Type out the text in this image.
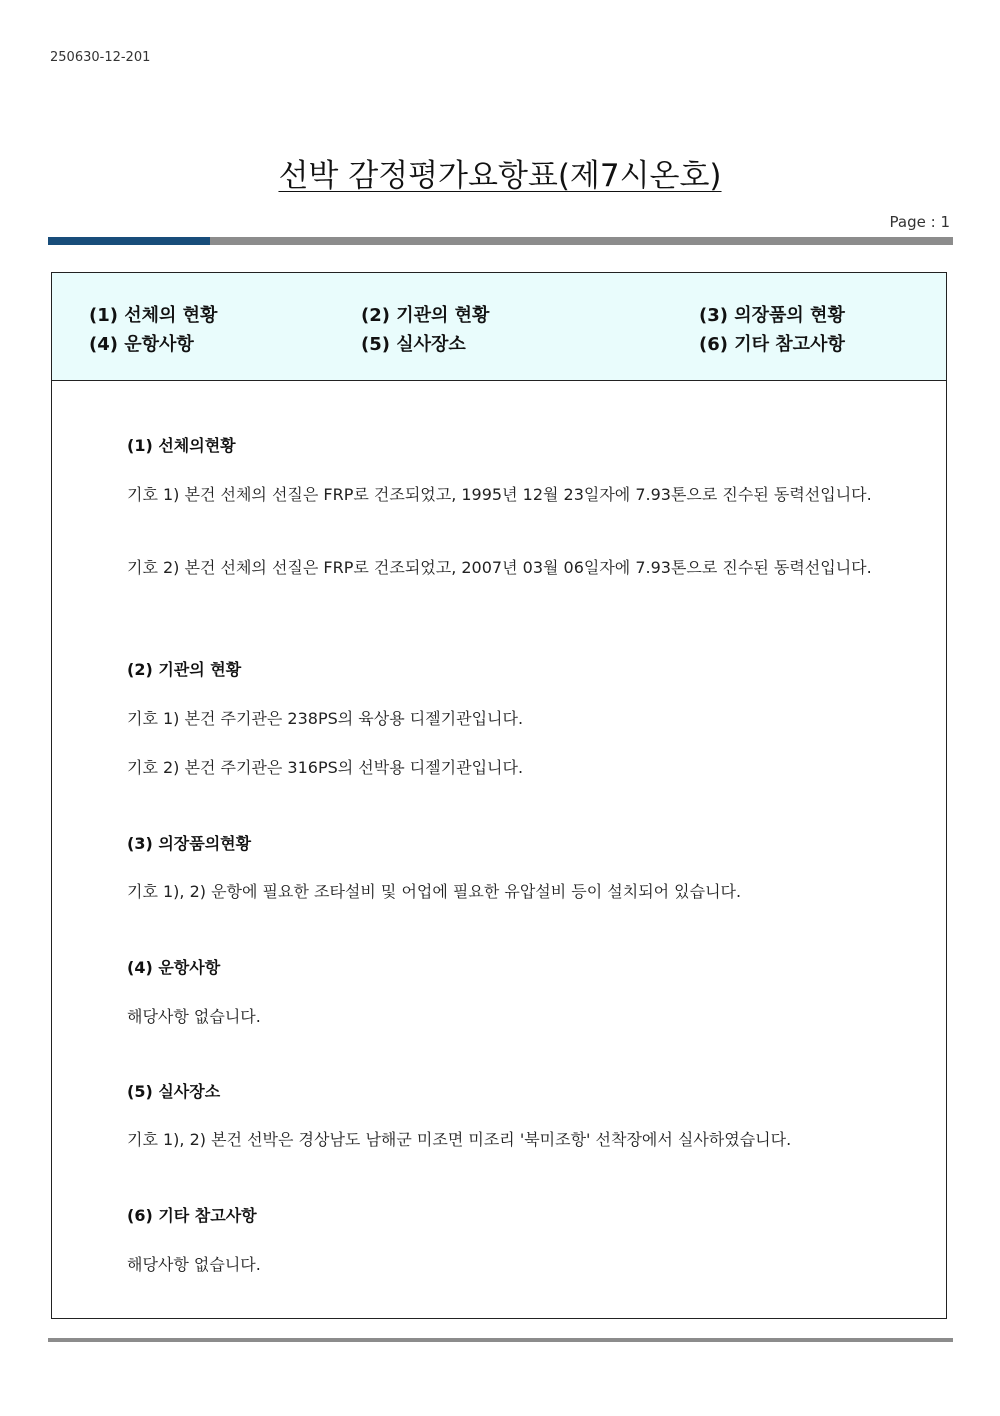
250630-12-201
선박 감정평가요항표(제7시온호)
Page : 1
(1) 선체의 현황	(2) 기관의 현황	(3) 의장품의 현황
(4) 운항사항	(5) 실사장소	(6) 기타 참고사항
(1) 선체의현황
기호 1) 본건 선체의 선질은 FRP로 건조되었고, 1995년 12월 23일자에 7.93톤으로 진수된 동력선입니다.
기호 2) 본건 선체의 선질은 FRP로 건조되었고, 2007년 03월 06일자에 7.93톤으로 진수된 동력선입니다.
(2) 기관의 현황
기호 1) 본건 주기관은 238PS의 육상용 디젤기관입니다.
기호 2) 본건 주기관은 316PS의 선박용 디젤기관입니다.
(3) 의장품의현황
기호 1), 2) 운항에 필요한 조타설비 및 어업에 필요한 유압설비 등이 설치되어 있습니다.
(4) 운항사항
해당사항 없습니다.
(5) 실사장소
기호 1), 2) 본건 선박은 경상남도 남해군 미조면 미조리 '북미조항' 선착장에서 실사하였습니다.
(6) 기타 참고사항
해당사항 없습니다.
